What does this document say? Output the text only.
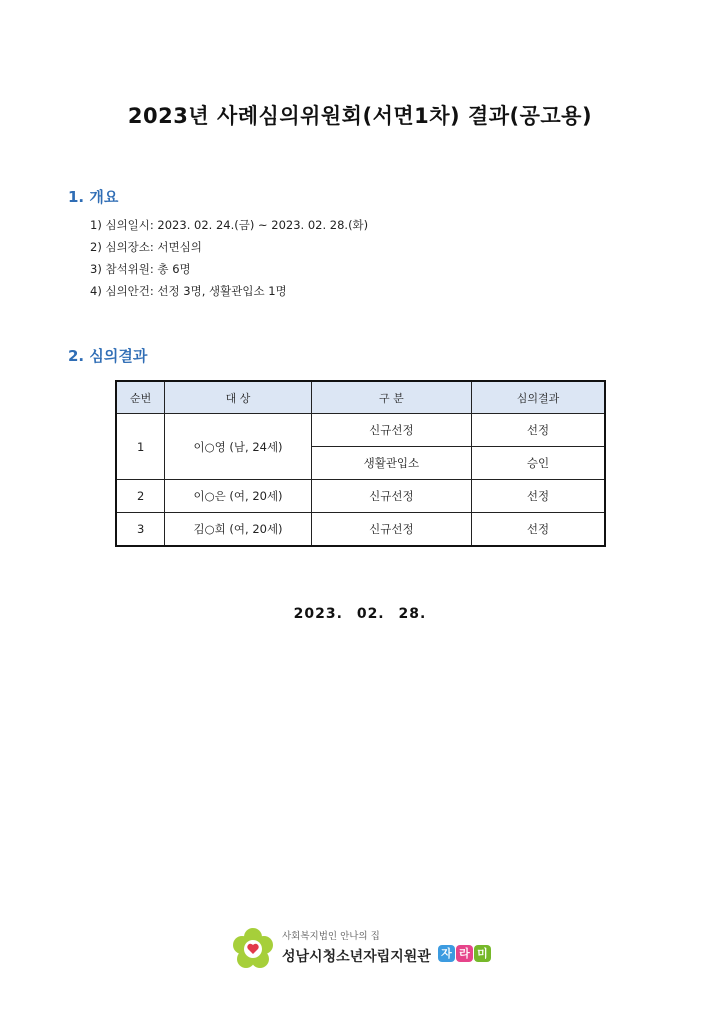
2023년 사례심의위원회(서면1차) 결과(공고용)
1. 개요
1) 심의일시: 2023. 02. 24.(금) ~ 2023. 02. 28.(화)
2) 심의장소: 서면심의
3) 참석위원: 총 6명
4) 심의안건: 선정 3명, 생활관입소 1명
2. 심의결과
순번	대 상	구 분	심의결과
1	이○영 (남, 24세)	신규선정	선정
		생활관입소	승인
2	이○은 (여, 20세)	신규선정	선정
3	김○희 (여, 20세)	신규선정	선정
2023. 02. 28.
사회복지법인 안나의 집
성남시청소년자립지원관 자 라 미
